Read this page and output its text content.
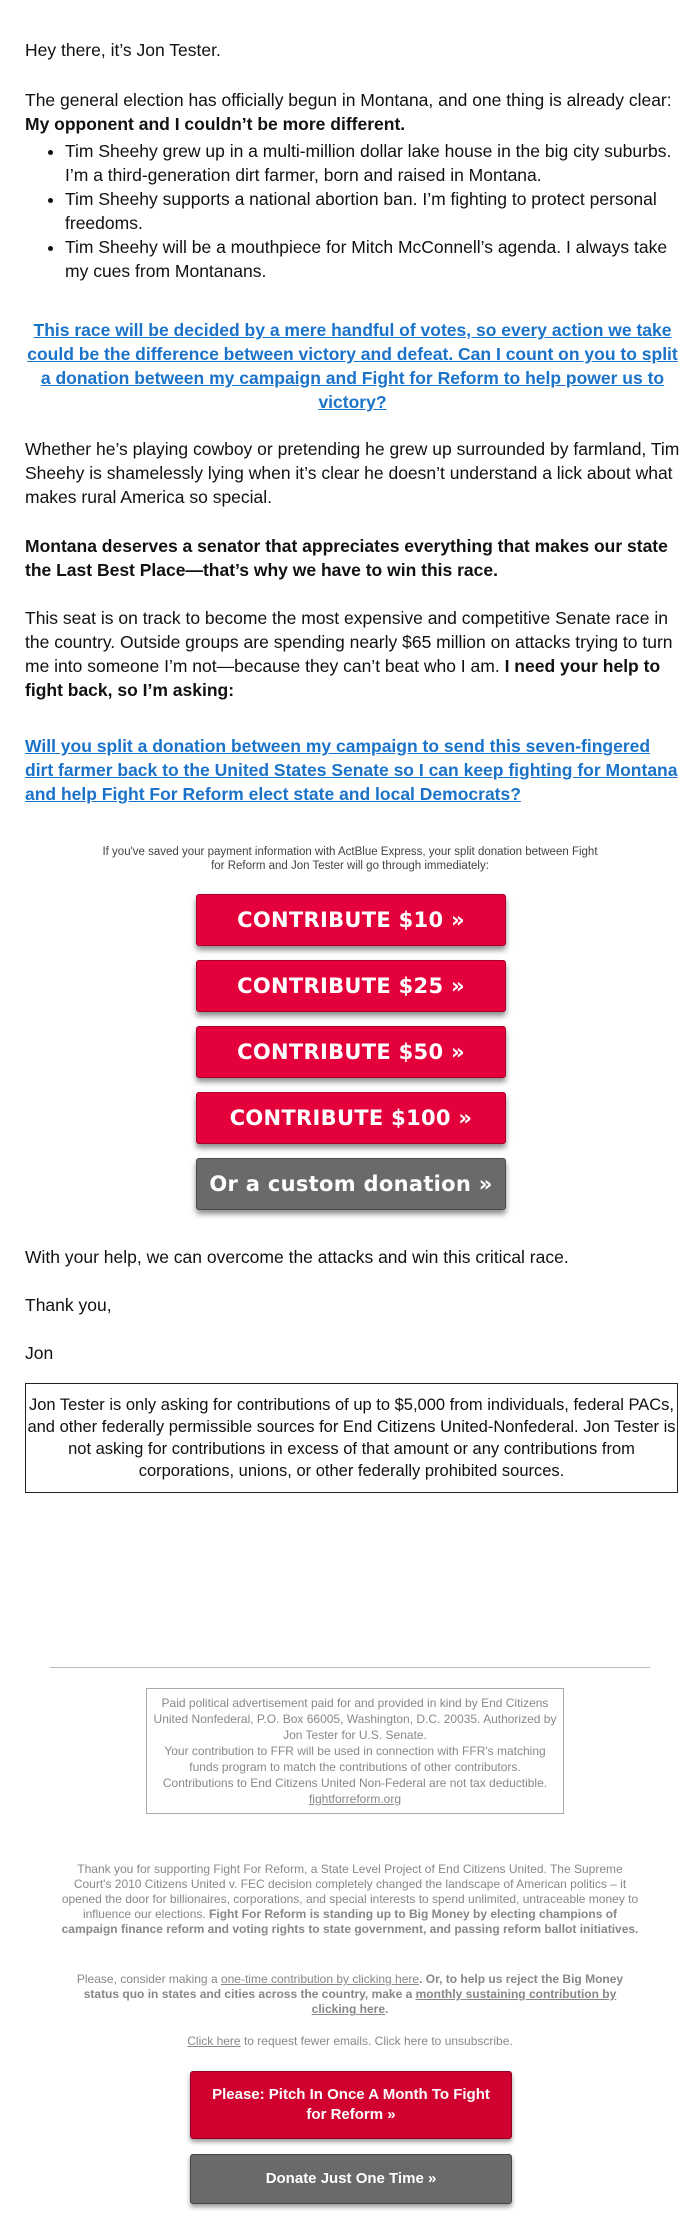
Hey there, it’s Jon Tester.

The general election has officially begun in Montana, and one thing is already clear: My opponent and I couldn’t be more different.

• Tim Sheehy grew up in a multi-million dollar lake house in the big city suburbs. I’m a third-generation dirt farmer, born and raised in Montana.
• Tim Sheehy supports a national abortion ban. I’m fighting to protect personal freedoms.
• Tim Sheehy will be a mouthpiece for Mitch McConnell’s agenda. I always take my cues from Montanans.

This race will be decided by a mere handful of votes, so every action we take could be the difference between victory and defeat. Can I count on you to split a donation between my campaign and Fight for Reform to help power us to victory?

Whether he’s playing cowboy or pretending he grew up surrounded by farmland, Tim Sheehy is shamelessly lying when it’s clear he doesn’t understand a lick about what makes rural America so special.

Montana deserves a senator that appreciates everything that makes our state the Last Best Place—that’s why we have to win this race.

This seat is on track to become the most expensive and competitive Senate race in the country. Outside groups are spending nearly $65 million on attacks trying to turn me into someone I’m not—because they can’t beat who I am. I need your help to fight back, so I’m asking:

Will you split a donation between my campaign to send this seven-fingered dirt farmer back to the United States Senate so I can keep fighting for Montana and help Fight For Reform elect state and local Democrats?

If you've saved your payment information with ActBlue Express, your split donation between Fight for Reform and Jon Tester will go through immediately:
CONTRIBUTE $10 »
CONTRIBUTE $25 »
CONTRIBUTE $50 »
CONTRIBUTE $100 »
Or a custom donation »

With your help, we can overcome the attacks and win this critical race.

Thank you,

Jon

Jon Tester is only asking for contributions of up to $5,000 from individuals, federal PACs, and other federally permissible sources for End Citizens United-Nonfederal. Jon Tester is not asking for contributions in excess of that amount or any contributions from corporations, unions, or other federally prohibited sources.
Paid political advertisement paid for and provided in kind by End Citizens United Nonfederal, P.O. Box 66005, Washington, D.C. 20035. Authorized by Jon Tester for U.S. Senate.
Your contribution to FFR will be used in connection with FFR's matching funds program to match the contributions of other contributors.
Contributions to End Citizens United Non-Federal are not tax deductible.
fightforreform.org
Thank you for supporting Fight For Reform, a State Level Project of End Citizens United. The Supreme Court's 2010 Citizens United v. FEC decision completely changed the landscape of American politics – it opened the door for billionaires, corporations, and special interests to spend unlimited, untraceable money to influence our elections. Fight For Reform is standing up to Big Money by electing champions of campaign finance reform and voting rights to state government, and passing reform ballot initiatives.
Please, consider making a one-time contribution by clicking here. Or, to help us reject the Big Money status quo in states and cities across the country, make a monthly sustaining contribution by clicking here.
Click here to request fewer emails. Click here to unsubscribe.
Please: Pitch In Once A Month To Fight for Reform »
Donate Just One Time »
